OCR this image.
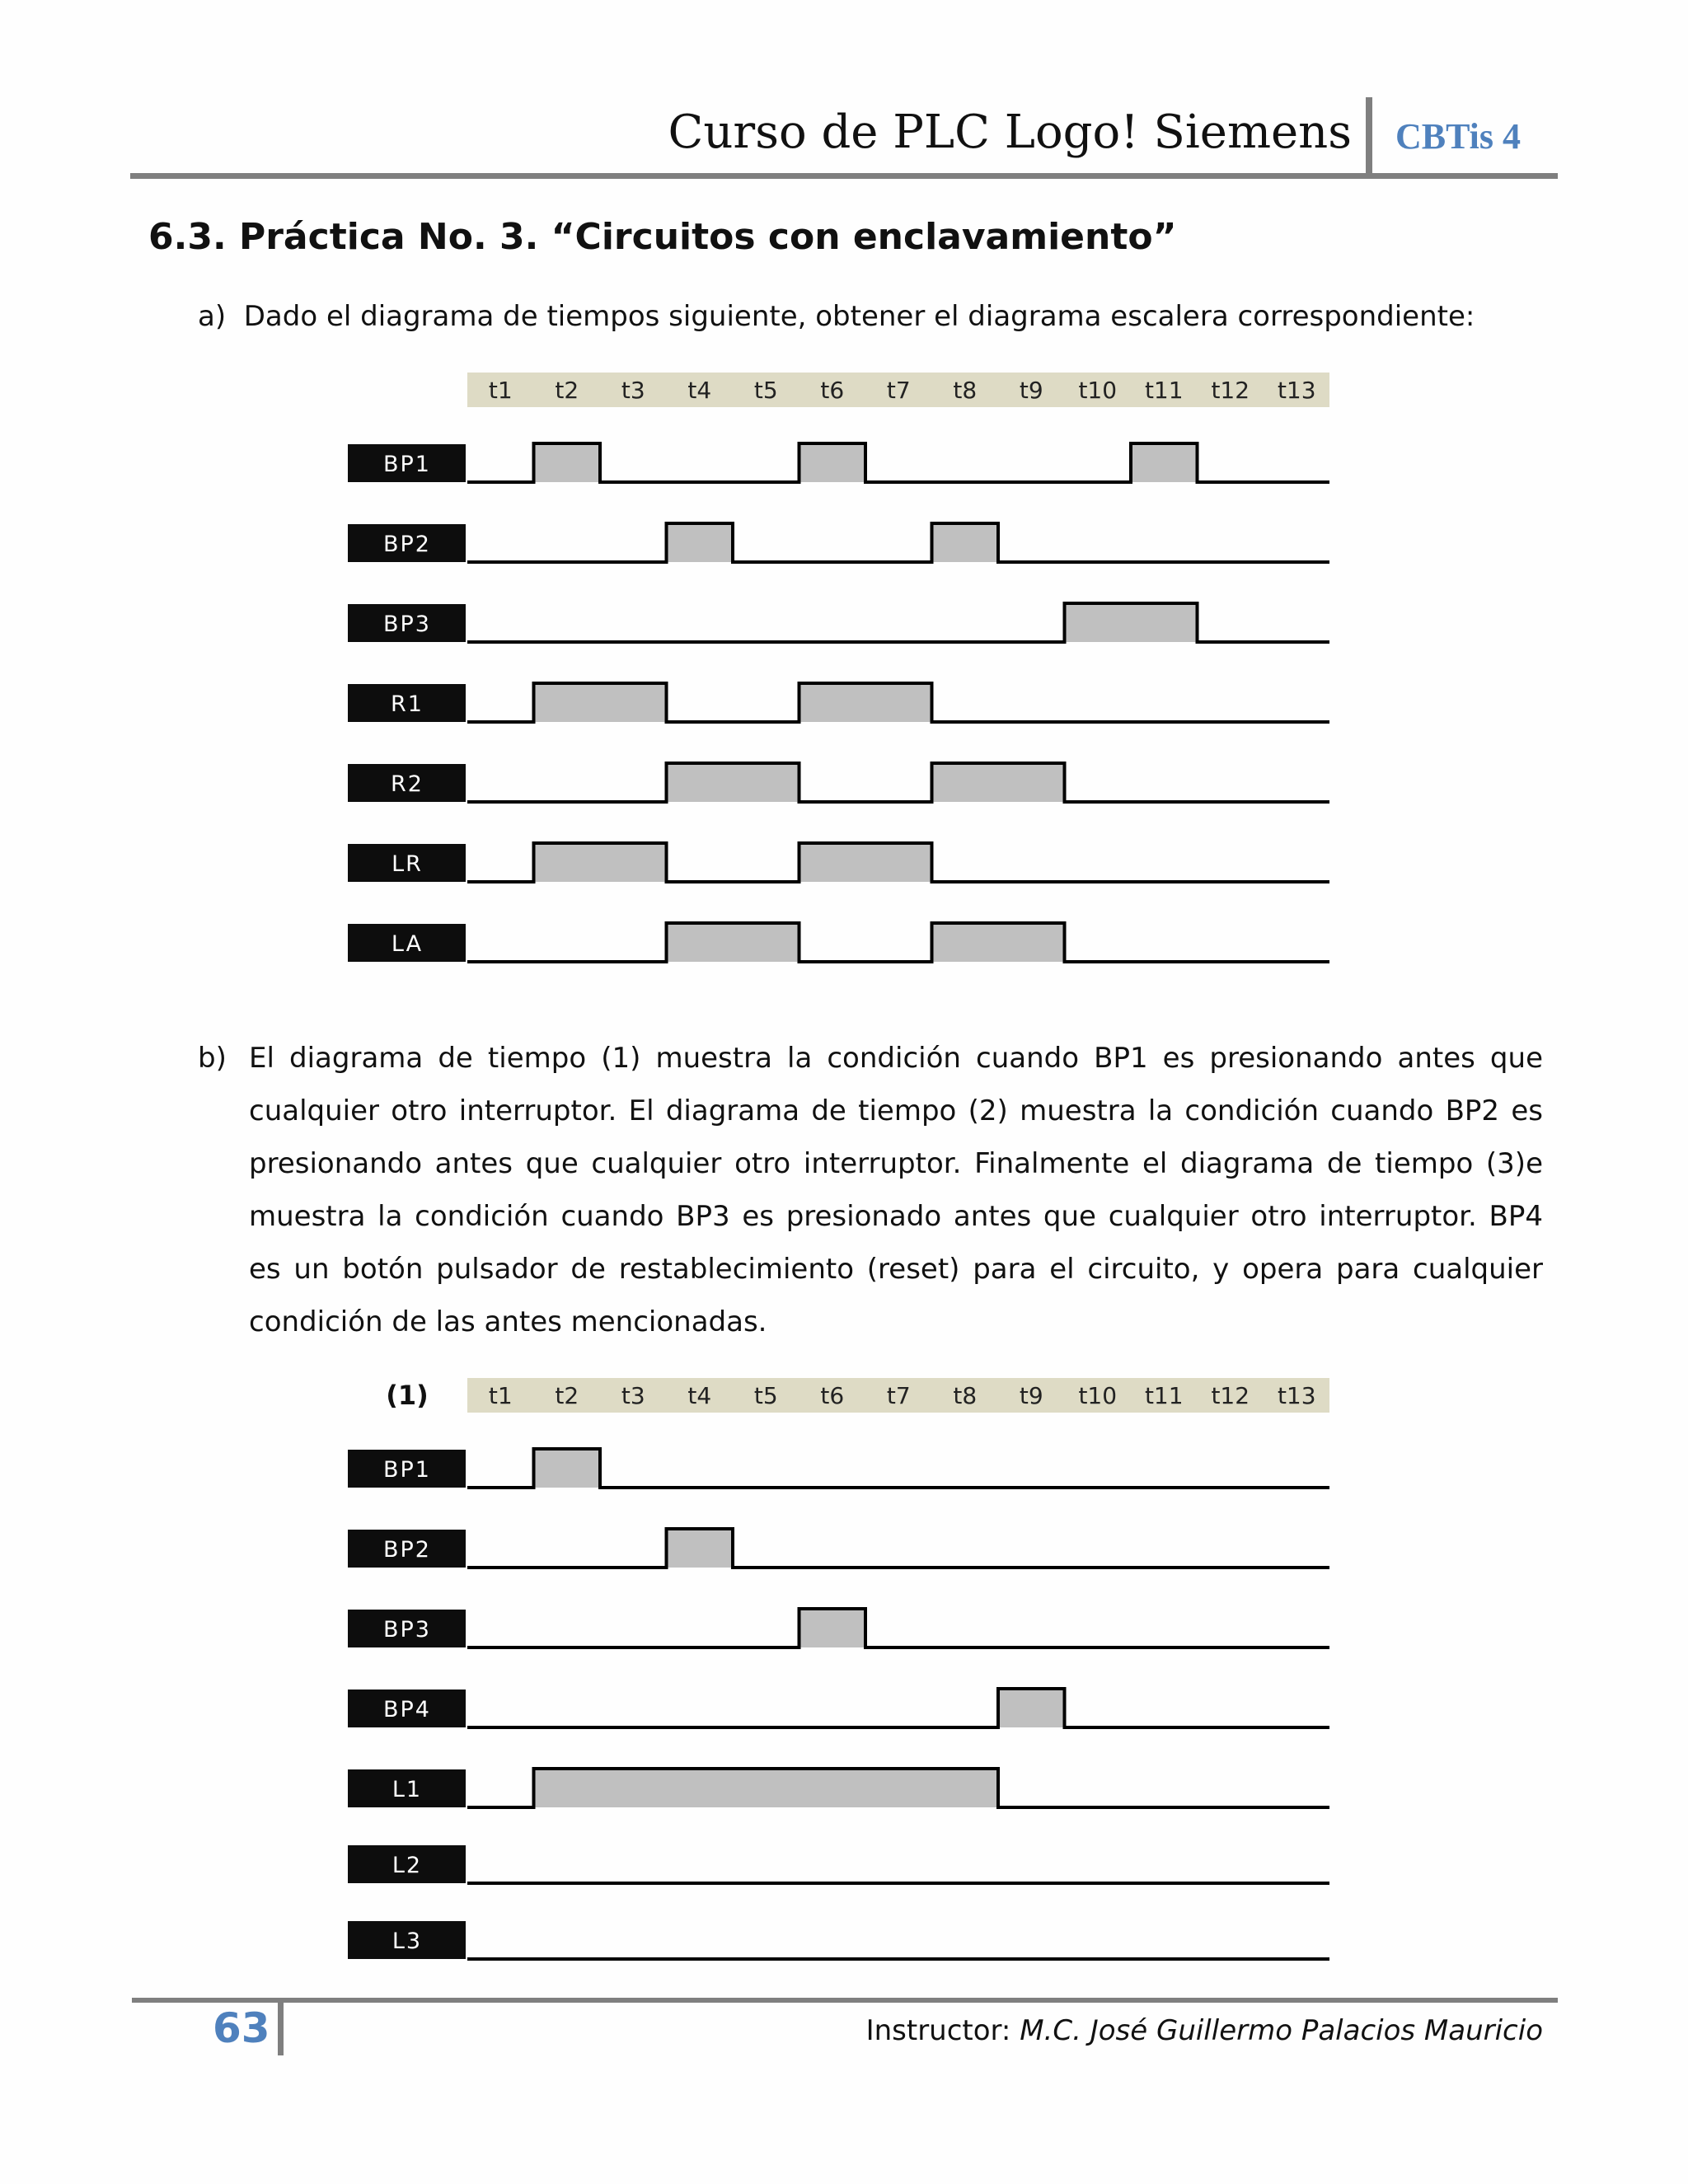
Curso de PLC Logo! Siemens CBTis 4
6.3. Práctica No. 3. “Circuitos con enclavamiento”
a) Dado el diagrama de tiempos siguiente, obtener el diagrama escalera correspondiente:
t1 t2 t3 t4 t5 t6 t7 t8 t9 t10 t11 t12 t13
BP1
BP2
BP3
R1
R2
LR
LA
b) El diagrama de tiempo (1) muestra la condición cuando BP1 es presionando antes que cualquier otro interruptor. El diagrama de tiempo (2) muestra la condición cuando BP2 es presionando antes que cualquier otro interruptor. Finalmente el diagrama de tiempo (3)e muestra la condición cuando BP3 es presionado antes que cualquier otro interruptor. BP4 es un botón pulsador de restablecimiento (reset) para el circuito, y opera para cualquier condición de las antes mencionadas.
t1 t2 t3 t4 t5 t6 t7 t8 t9 t10 t11 t12 t13
(1)
BP1
BP2
BP3
BP4
L1
L2
L3
63	Instructor: M.C. José Guillermo Palacios Mauricio
